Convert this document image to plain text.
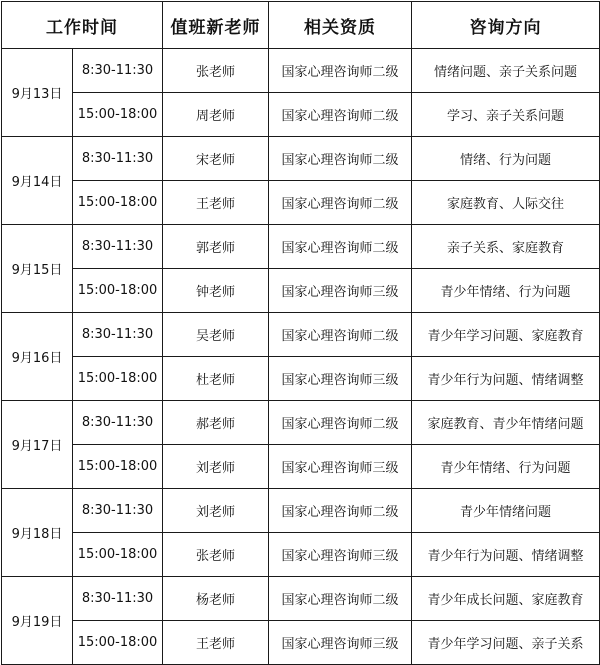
工作时间		值班新老师	相关资质	咨询方向
9月13日	8:30-11:30	张老师	国家心理咨询师二级	情绪问题、亲子关系问题
	15:00-18:00	周老师	国家心理咨询师二级	学习、亲子关系问题
9月14日	8:30-11:30	宋老师	国家心理咨询师二级	情绪、行为问题
	15:00-18:00	王老师	国家心理咨询师二级	家庭教育、人际交往
9月15日	8:30-11:30	郭老师	国家心理咨询师二级	亲子关系、家庭教育
	15:00-18:00	钟老师	国家心理咨询师三级	青少年情绪、行为问题
9月16日	8:30-11:30	吴老师	国家心理咨询师二级	青少年学习问题、家庭教育
	15:00-18:00	杜老师	国家心理咨询师三级	青少年行为问题、情绪调整
9月17日	8:30-11:30	郝老师	国家心理咨询师二级	家庭教育、青少年情绪问题
	15:00-18:00	刘老师	国家心理咨询师三级	青少年情绪、行为问题
9月18日	8:30-11:30	刘老师	国家心理咨询师二级	青少年情绪问题
	15:00-18:00	张老师	国家心理咨询师三级	青少年行为问题、情绪调整
9月19日	8:30-11:30	杨老师	国家心理咨询师二级	青少年成长问题、家庭教育
	15:00-18:00	王老师	国家心理咨询师三级	青少年学习问题、亲子关系
